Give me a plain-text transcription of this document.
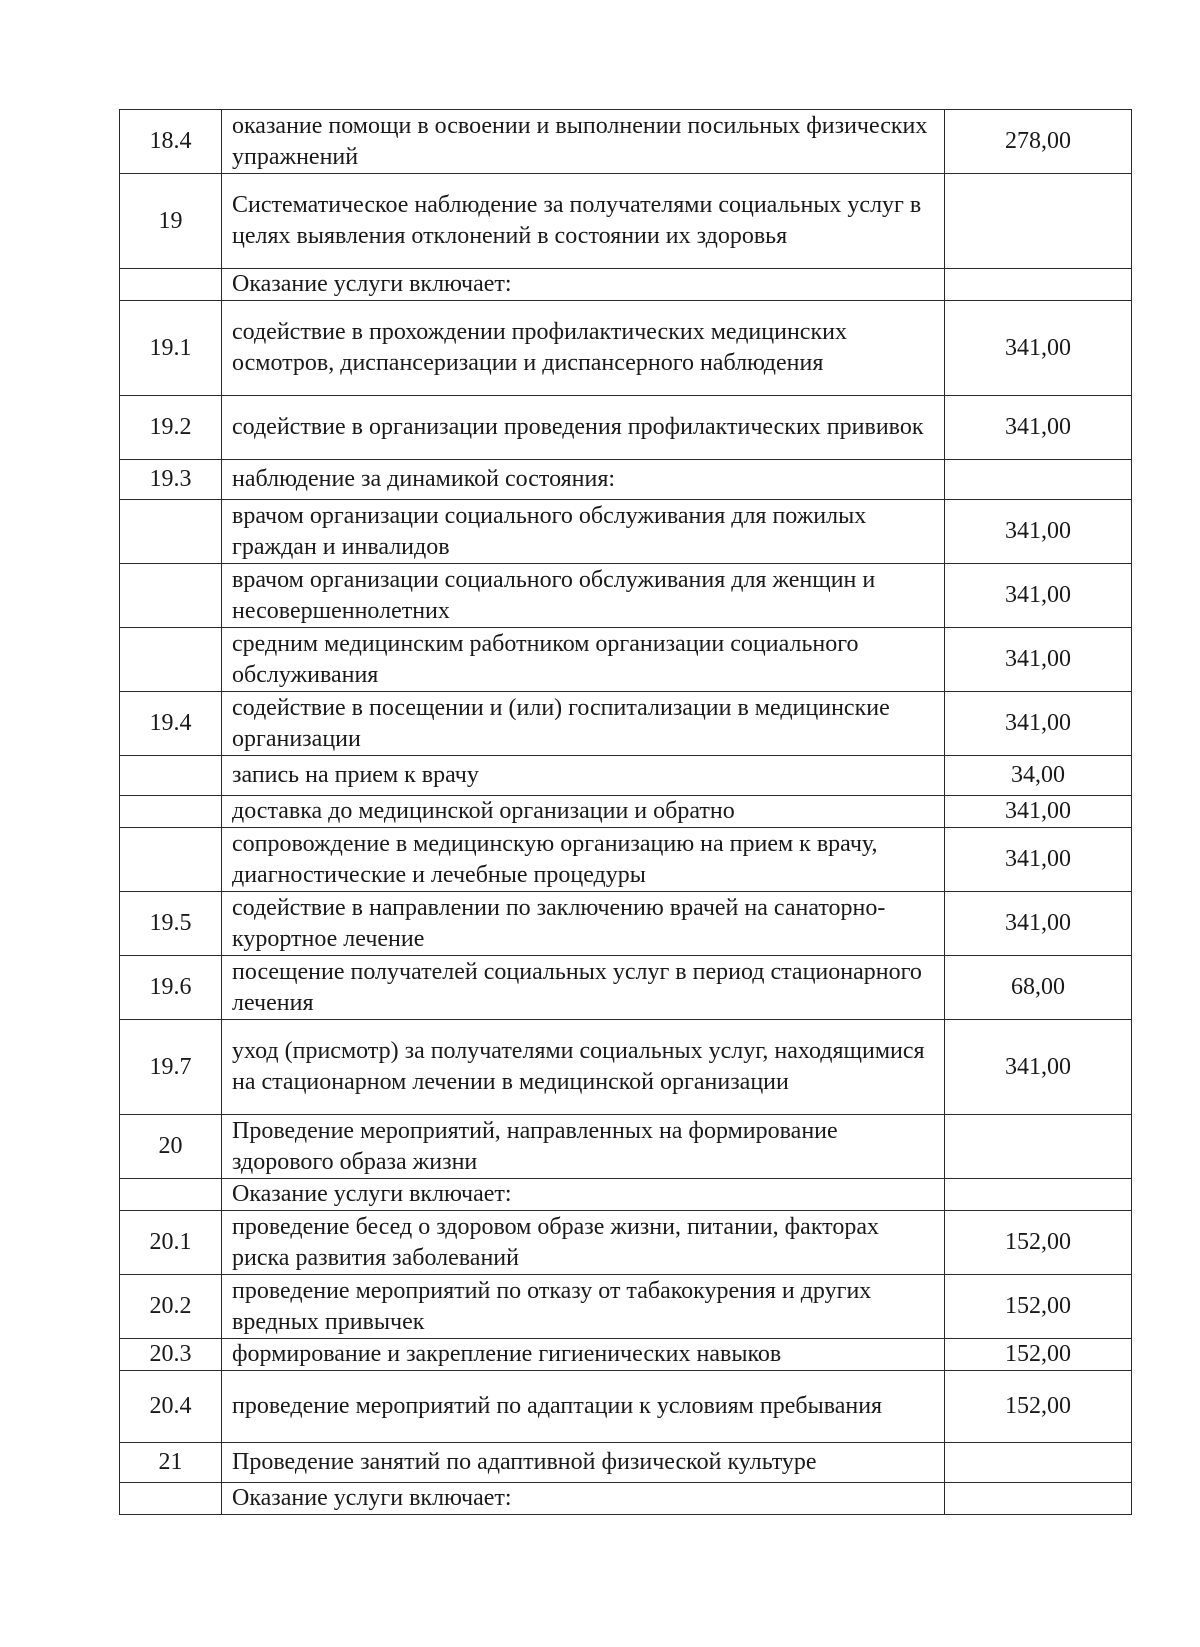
18.4	оказание помощи в освоении и выполнении посильных физических упражнений	278,00
19	Систематическое наблюдение за получателями социальных услуг в целях выявления отклонений в состоянии их здоровья	
	Оказание услуги включает:	
19.1	содействие в прохождении профилактических медицинских осмотров, диспансеризации и диспансерного наблюдения	341,00
19.2	содействие в организации проведения профилактических прививок	341,00
19.3	наблюдение за динамикой состояния:	
	врачом организации социального обслуживания для пожилых граждан и инвалидов	341,00
	врачом организации социального обслуживания для женщин и несовершеннолетних	341,00
	средним медицинским работником организации социального обслуживания	341,00
19.4	содействие в посещении и (или) госпитализации в медицинские организации	341,00
	запись на прием к врачу	34,00
	доставка до медицинской организации и обратно	341,00
	сопровождение в медицинскую организацию на прием к врачу, диагностические и лечебные процедуры	341,00
19.5	содействие в направлении по заключению врачей на санаторно-курортное лечение	341,00
19.6	посещение получателей социальных услуг в период стационарного лечения	68,00
19.7	уход (присмотр) за получателями социальных услуг, находящимися на стационарном лечении в медицинской организации	341,00
20	Проведение мероприятий, направленных на формирование здорового образа жизни	
	Оказание услуги включает:	
20.1	проведение бесед о здоровом образе жизни, питании, факторах риска развития заболеваний	152,00
20.2	проведение мероприятий по отказу от табакокурения и других вредных привычек	152,00
20.3	формирование и закрепление гигиенических навыков	152,00
20.4	проведение мероприятий по адаптации к условиям пребывания	152,00
21	Проведение занятий по адаптивной физической культуре	
	Оказание услуги включает:	
